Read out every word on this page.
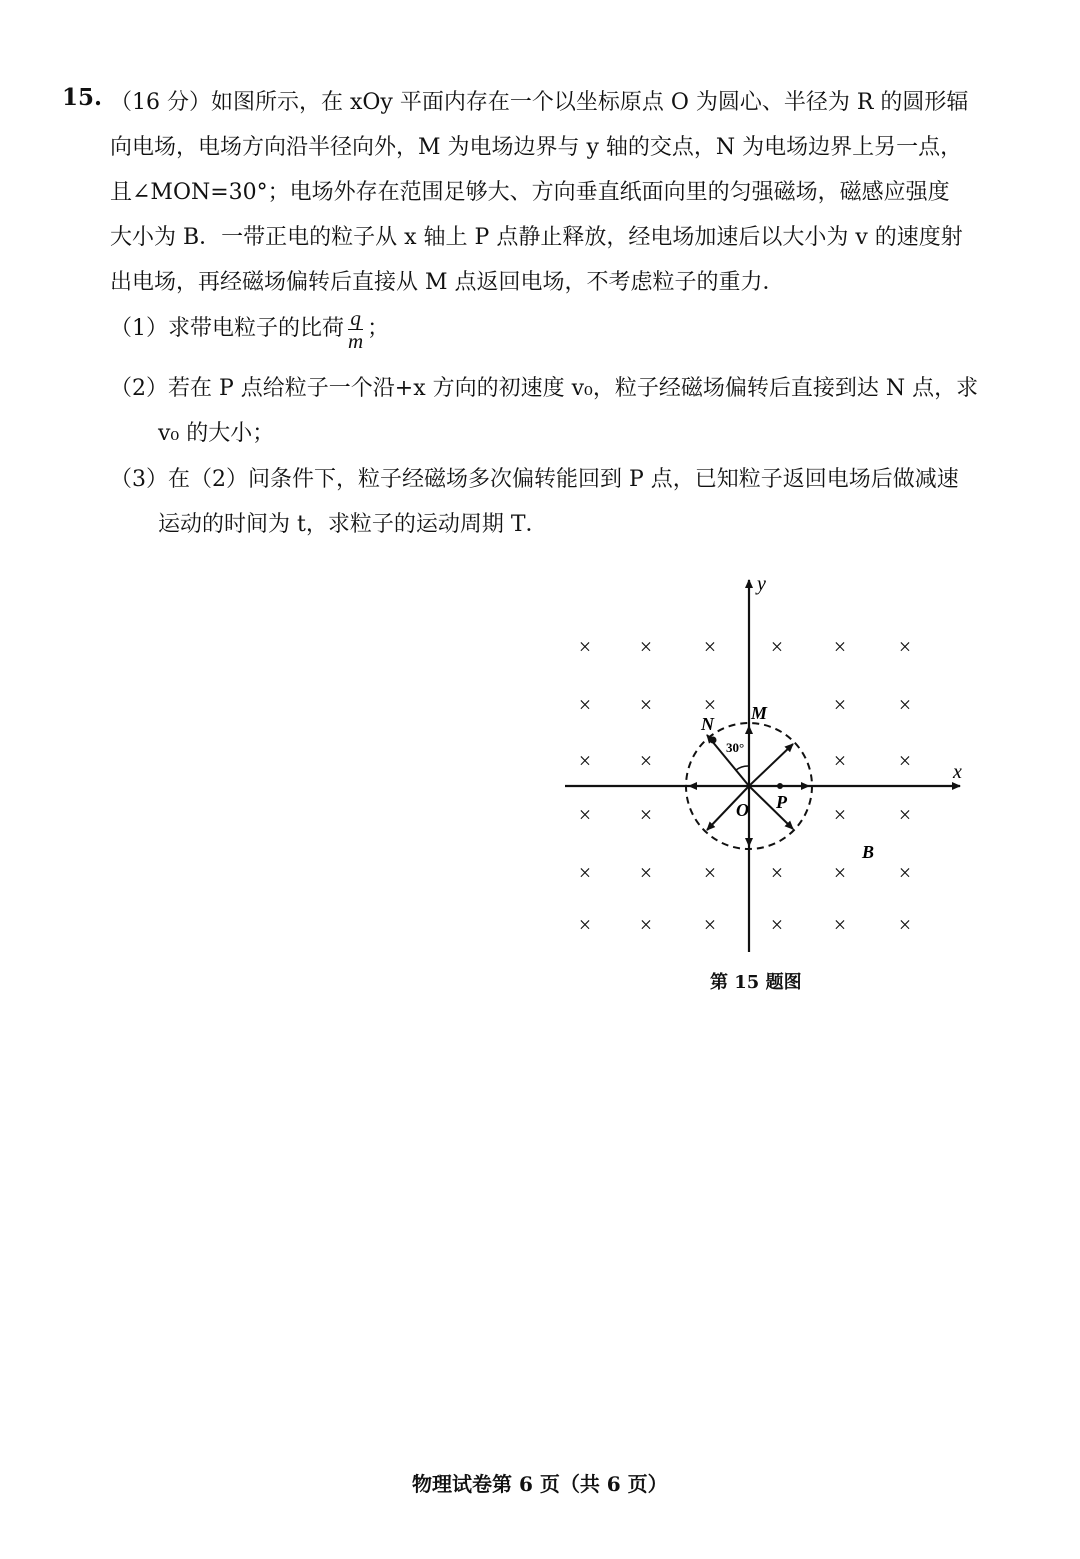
15. （16 分）如图所示，在 xOy 平面内存在一个以坐标原点 O 为圆心、半径为 R 的圆形辐
向电场，电场方向沿半径向外，M 为电场边界与 y 轴的交点，N 为电场边界上另一点，
且∠MON=30°；电场外存在范围足够大、方向垂直纸面向里的匀强磁场，磁感应强度
大小为 B．一带正电的粒子从 x 轴上 P 点静止释放，经电场加速后以大小为 v 的速度射
出电场，再经磁场偏转后直接从 M 点返回电场，不考虑粒子的重力．
（1）求带电粒子的比荷 $\frac{q}{m}$ ；
（2）若在 P 点给粒子一个沿+x 方向的初速度 v₀，粒子经磁场偏转后直接到达 N 点，求
v₀ 的大小；
（3）在（2）问条件下，粒子经磁场多次偏转能回到 P 点，已知粒子返回电场后做减速
运动的时间为 t，求粒子的运动周期 T．
× × × × × ×
× × ×	× ×
× ×	× ×
× ×	× ×
× × × × × ×
× × × × × ×
y
x
M
N
30°
O P
B
第 15 题图
物理试卷第 6 页（共 6 页）
